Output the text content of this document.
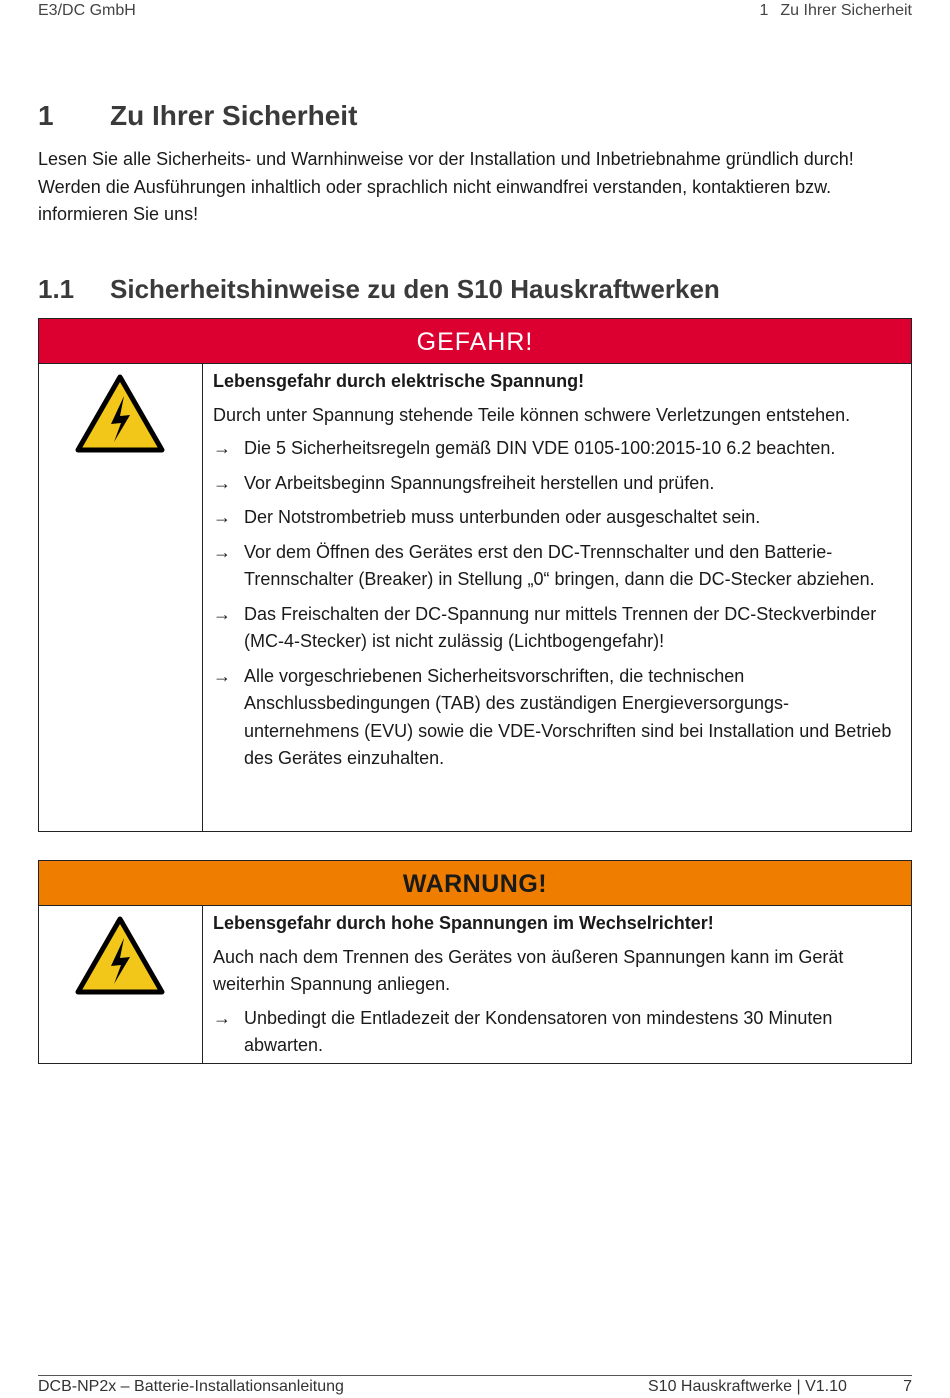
E3/DC GmbH	1 Zu Ihrer Sicherheit
1 Zu Ihrer Sicherheit

Lesen Sie alle Sicherheits- und Warnhinweise vor der Installation und Inbetriebnahme gründlich durch!

Werden die Ausführungen inhaltlich oder sprachlich nicht einwandfrei verstanden, kontaktieren bzw. informieren Sie uns!

1.1 Sicherheitshinweise zu den S10 Hauskraftwerken
GEFAHR!

Lebensgefahr durch elektrische Spannung!

Durch unter Spannung stehende Teile können schwere Verletzungen entstehen.

→ Die 5 Sicherheitsregeln gemäß DIN VDE 0105-100:2015-10 6.2 beachten.
→ Vor Arbeitsbeginn Spannungsfreiheit herstellen und prüfen.
→ Der Notstrombetrieb muss unterbunden oder ausgeschaltet sein.
→ Vor dem Öffnen des Gerätes erst den DC-Trennschalter und den Batterie-Trennschalter (Breaker) in Stellung „0“ bringen, dann die DC-Stecker abziehen.
→ Das Freischalten der DC-Spannung nur mittels Trennen der DC-Steckverbinder (MC-4-Stecker) ist nicht zulässig (Lichtbogengefahr)!
→ Alle vorgeschriebenen Sicherheitsvorschriften, die technischen Anschlussbedingungen (TAB) des zuständigen Energieversorgungs-unternehmens (EVU) sowie die VDE-Vorschriften sind bei Installation und Betrieb des Gerätes einzuhalten.
WARNUNG!

Lebensgefahr durch hohe Spannungen im Wechselrichter!

Auch nach dem Trennen des Gerätes von äußeren Spannungen kann im Gerät weiterhin Spannung anliegen.

→ Unbedingt die Entladezeit der Kondensatoren von mindestens 30 Minuten abwarten.
DCB-NP2x – Batterie-Installationsanleitung	S10 Hauskraftwerke | V1.10	7
